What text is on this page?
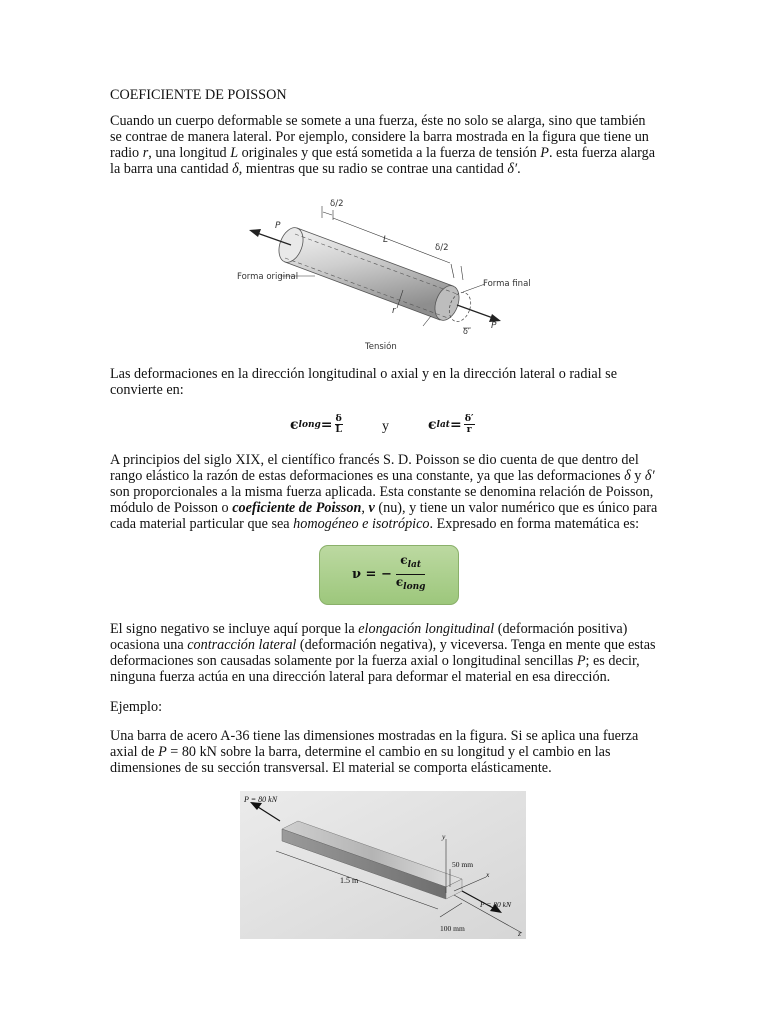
COEFICIENTE DE POISSON

Cuando un cuerpo deformable se somete a una fuerza, éste no solo se alarga, sino que también se contrae de manera lateral. Por ejemplo, considere la barra mostrada en la figura que tiene un radio r, una longitud L originales y que está sometida a la fuerza de tensión P. esta fuerza alarga la barra una cantidad δ, mientras que su radio se contrae una cantidad δ′.

δ/2
P
L
δ/2
Forma original
Forma final
r
P
δ′
Tensión

Las deformaciones en la dirección longitudinal o axial y en la dirección lateral o radial se convierte en:

ϵ long = $\frac{\delta}{L}$	y	ϵ lat = $\frac{\delta'}{r}$

A principios del siglo XIX, el científico francés S. D. Poisson se dio cuenta de que dentro del rango elástico la razón de estas deformaciones es una constante, ya que las deformaciones δ y δ′ son proporcionales a la misma fuerza aplicada. Esta constante se denomina relación de Poisson, módulo de Poisson o coeficiente de Poisson, ν (nu), y tiene un valor numérico que es único para cada material particular que sea homogéneo e isotrópico. Expresado en forma matemática es:

ν = −
$\epsilon_{lat}$
$\epsilon_{long}$

El signo negativo se incluye aquí porque la elongación longitudinal (deformación positiva) ocasiona una contracción lateral (deformación negativa), y viceversa. Tenga en mente que estas deformaciones son causadas solamente por la fuerza axial o longitudinal sencillas P; es decir, ninguna fuerza actúa en una dirección lateral para deformar el material en esa dirección.

Ejemplo:

Una barra de acero A-36 tiene las dimensiones mostradas en la figura. Si se aplica una fuerza axial de P = 80 kN sobre la barra, determine el cambio en su longitud y el cambio en las dimensiones de su sección transversal. El material se comporta elásticamente.

P = 80 kN
y
50 mm
x
1.5 m
P = 80 kN
100 mm
z
